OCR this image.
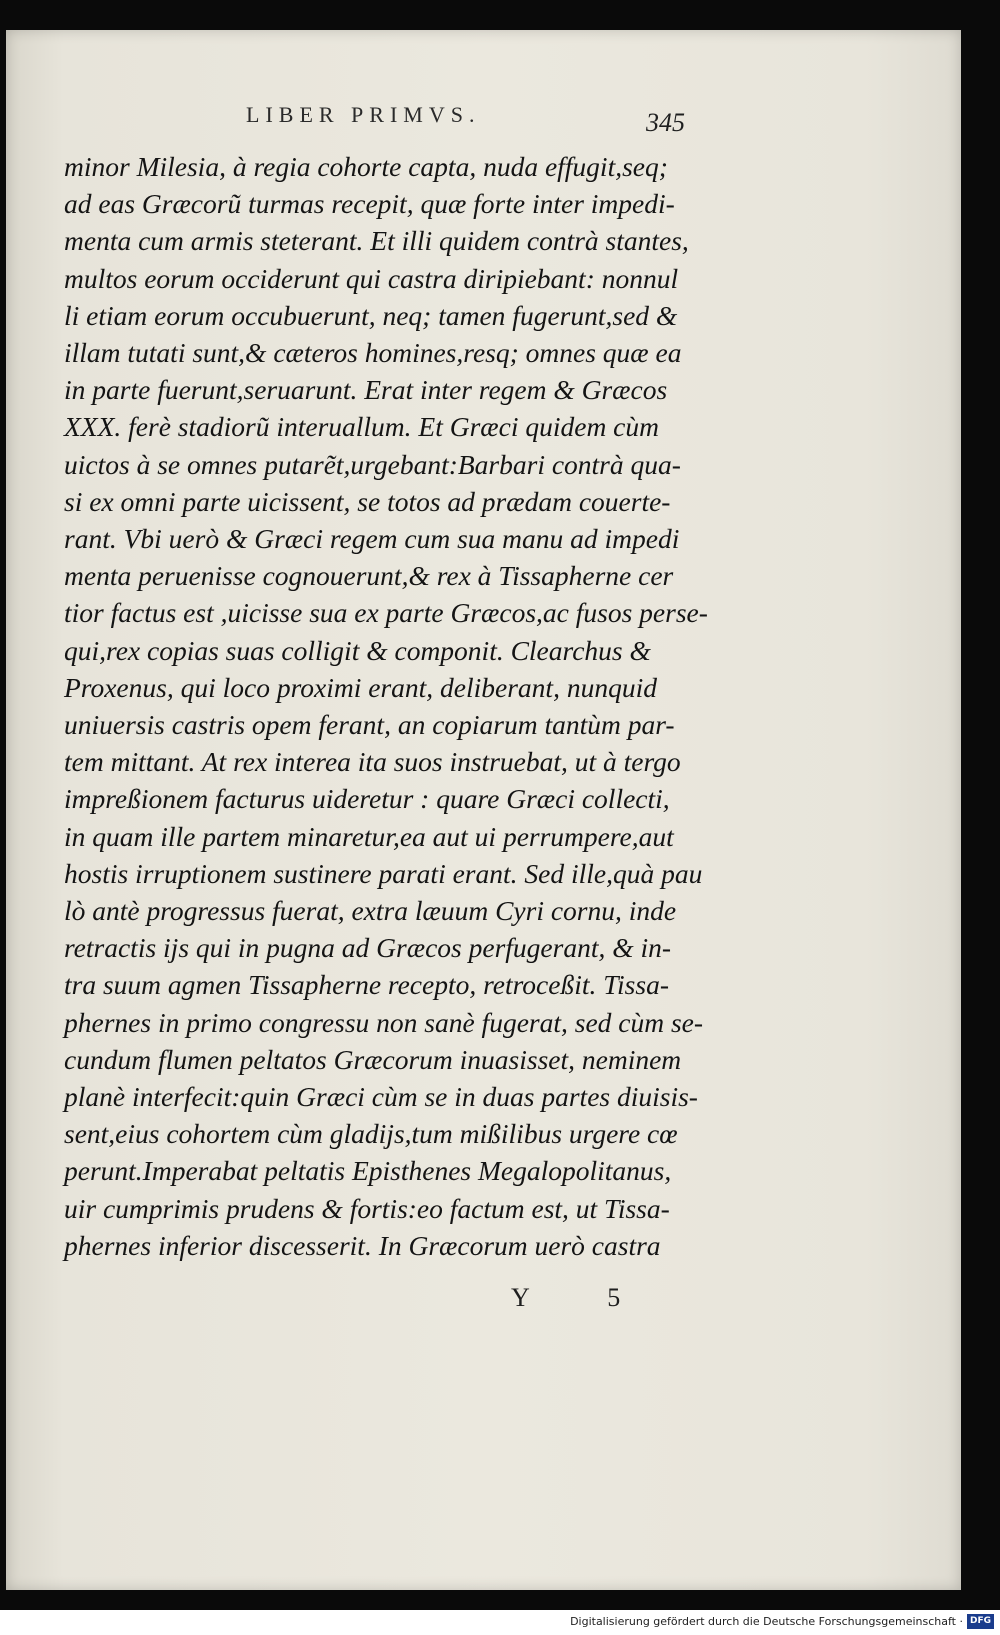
LIBER PRIMVS.	345
minor Milesia, à regia cohorte capta, nuda effugit,seq;
ad eas Græcorũ turmas recepit, quæ forte inter impedi-
menta cum armis steterant. Et illi quidem contrà stantes,
multos eorum occiderunt qui castra diripiebant: nonnul
li etiam eorum occubuerunt, neq; tamen fugerunt,sed &
illam tutati sunt,& cæteros homines,resq; omnes quæ ea
in parte fuerunt,seruarunt. Erat inter regem & Græcos
XXX. ferè stadiorũ interuallum. Et Græci quidem cùm
uictos à se omnes putarẽt,urgebant:Barbari contrà qua-
si ex omni parte uicissent, se totos ad prædam couerte-
rant. Vbi uerò & Græci regem cum sua manu ad impedi
menta peruenisse cognouerunt,& rex à Tissapherne cer
tior factus est ,uicisse sua ex parte Græcos,ac fusos perse-
qui,rex copias suas colligit & componit. Clearchus &
Proxenus, qui loco proximi erant, deliberant, nunquid
uniuersis castris opem ferant, an copiarum tantùm par-
tem mittant. At rex interea ita suos instruebat, ut à tergo
impreßionem facturus uideretur : quare Græci collecti,
in quam ille partem minaretur,ea aut ui perrumpere,aut
hostis irruptionem sustinere parati erant. Sed ille,quà pau
lò antè progressus fuerat, extra læuum Cyri cornu, inde
retractis ijs qui in pugna ad Græcos perfugerant, & in-
tra suum agmen Tissapherne recepto, retroceßit. Tissa-
phernes in primo congressu non sanè fugerat, sed cùm se-
cundum flumen peltatos Græcorum inuasisset, neminem
planè interfecit:quin Græci cùm se in duas partes diuisis-
sent,eius cohortem cùm gladijs,tum mißilibus urgere cœ
perunt.Imperabat peltatis Episthenes Megalopolitanus,
uir cumprimis prudens & fortis:eo factum est, ut Tissa-
phernes inferior discesserit. In Græcorum uerò castra
Y 5
Digitalisierung gefördert durch die Deutsche Forschungsgemeinschaft · DFG
